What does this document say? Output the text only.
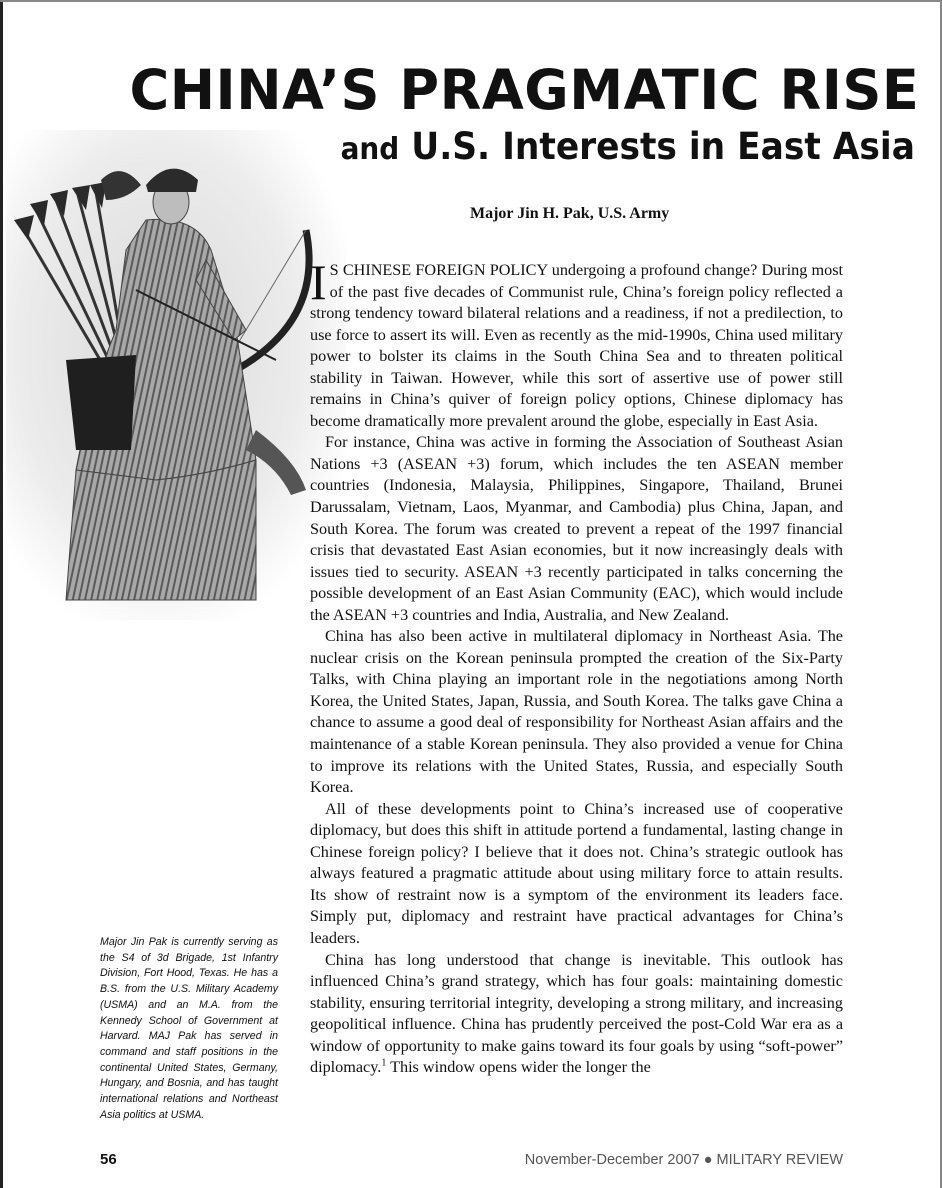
CHINA’S PRAGMATIC RISE
and U.S. Interests in East Asia
Major Jin H. Pak, U.S. Army

I S CHINESE FOREIGN POLICY undergoing a profound change? During most of the past five decades of Communist rule, China’s foreign policy reflected a strong tendency toward bilateral relations and a readiness, if not a predilection, to use force to assert its will. Even as recently as the mid-1990s, China used military power to bolster its claims in the South China Sea and to threaten political stability in Taiwan. However, while this sort of assertive use of power still remains in China’s quiver of foreign policy options, Chinese diplomacy has become dramatically more prevalent around the globe, especially in East Asia.

For instance, China was active in forming the Association of Southeast Asian Nations +3 (ASEAN +3) forum, which includes the ten ASEAN member countries (Indonesia, Malaysia, Philippines, Singapore, Thailand, Brunei Darussalam, Vietnam, Laos, Myanmar, and Cambodia) plus China, Japan, and South Korea. The forum was created to prevent a repeat of the 1997 financial crisis that devastated East Asian economies, but it now increasingly deals with issues tied to security. ASEAN +3 recently participated in talks concerning the possible development of an East Asian Community (EAC), which would include the ASEAN +3 countries and India, Australia, and New Zealand.

China has also been active in multilateral diplomacy in Northeast Asia. The nuclear crisis on the Korean peninsula prompted the creation of the Six-Party Talks, with China playing an important role in the negotiations among North Korea, the United States, Japan, Russia, and South Korea. The talks gave China a chance to assume a good deal of responsibility for Northeast Asian affairs and the maintenance of a stable Korean peninsula. They also provided a venue for China to improve its relations with the United States, Russia, and especially South Korea.

All of these developments point to China’s increased use of cooperative diplomacy, but does this shift in attitude portend a fundamental, lasting change in Chinese foreign policy? I believe that it does not. China’s strategic outlook has always featured a pragmatic attitude about using military force to attain results. Its show of restraint now is a symptom of the environment its leaders face. Simply put, diplomacy and restraint have practical advantages for China’s leaders.

China has long understood that change is inevitable. This outlook has influenced China’s grand strategy, which has four goals: maintaining domestic stability, ensuring territorial integrity, developing a strong military, and increasing geopolitical influence. China has prudently perceived the post-Cold War era as a window of opportunity to make gains toward its four goals by using “soft-power” diplomacy.$^1$ This window opens wider the longer the

Major Jin Pak is currently serving as the S4 of 3d Brigade, 1st Infantry Division, Fort Hood, Texas. He has a B.S. from the U.S. Military Academy (USMA) and an M.A. from the Kennedy School of Government at Harvard. MAJ Pak has served in command and staff positions in the continental United States, Germany, Hungary, and Bosnia, and has taught international relations and Northeast Asia politics at USMA.
56	November-December 2007 ● MILITARY REVIEW
